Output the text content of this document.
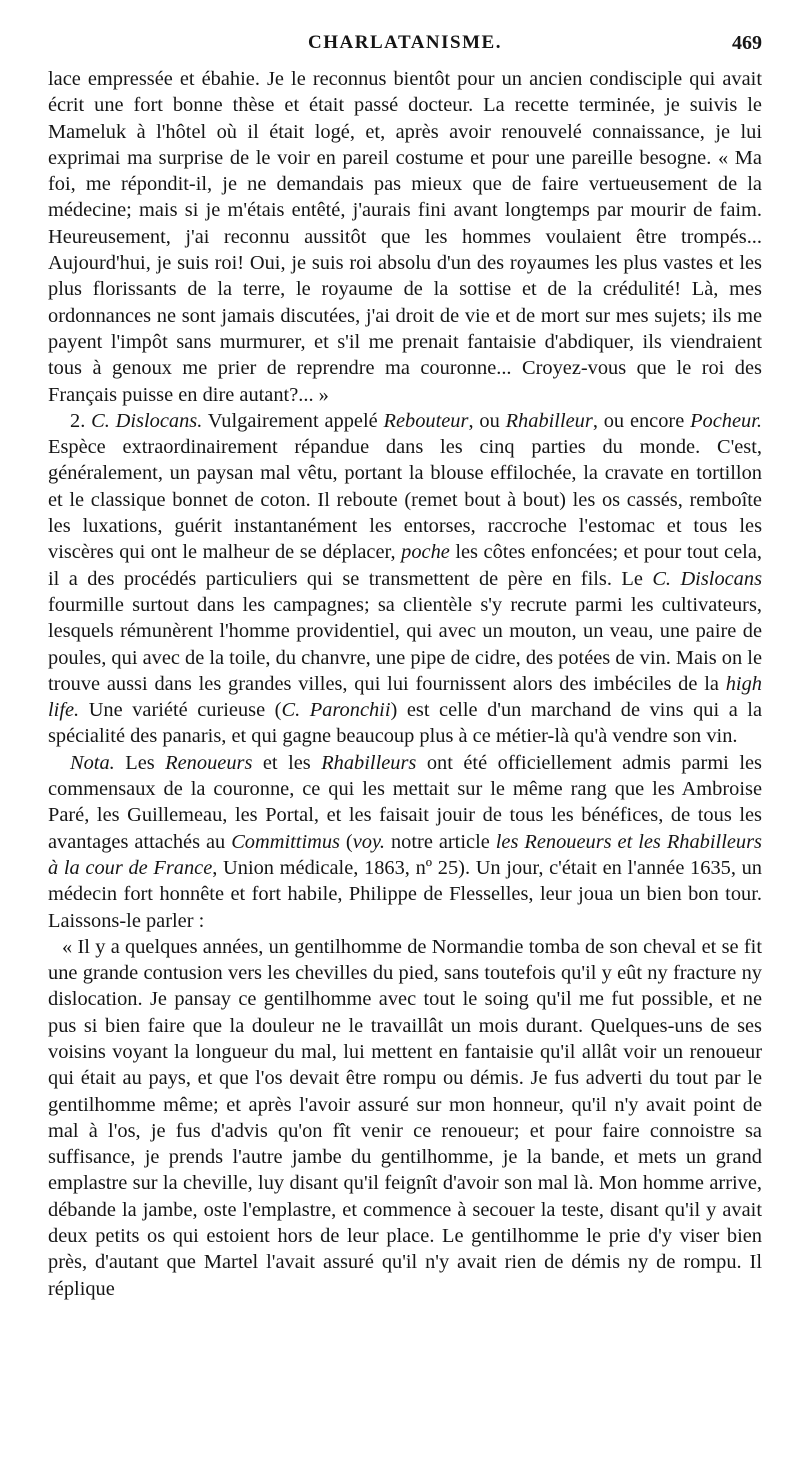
CHARLATANISME.	469

lace empressée et ébahie. Je le reconnus bientôt pour un ancien condisciple qui avait écrit une fort bonne thèse et était passé docteur. La recette terminée, je suivis le Mameluk à l'hôtel où il était logé, et, après avoir renouvelé connaissance, je lui exprimai ma surprise de le voir en pareil costume et pour une pareille besogne. « Ma foi, me répondit-il, je ne demandais pas mieux que de faire vertueusement de la médecine; mais si je m'étais entêté, j'aurais fini avant longtemps par mourir de faim. Heureusement, j'ai reconnu aussitôt que les hommes voulaient être trompés... Aujourd'hui, je suis roi! Oui, je suis roi absolu d'un des royaumes les plus vastes et les plus florissants de la terre, le royaume de la sottise et de la crédulité! Là, mes ordonnances ne sont jamais discutées, j'ai droit de vie et de mort sur mes sujets; ils me payent l'impôt sans murmurer, et s'il me prenait fantaisie d'abdiquer, ils viendraient tous à genoux me prier de reprendre ma couronne... Croyez-vous que le roi des Français puisse en dire autant?... »

2. C. Dislocans. Vulgairement appelé Rebouteur, ou Rhabilleur, ou encore Pocheur. Espèce extraordinairement répandue dans les cinq parties du monde. C'est, généralement, un paysan mal vêtu, portant la blouse effilochée, la cravate en tortillon et le classique bonnet de coton. Il reboute (remet bout à bout) les os cassés, remboîte les luxations, guérit instantanément les entorses, raccroche l'estomac et tous les viscères qui ont le malheur de se déplacer, poche les côtes enfoncées; et pour tout cela, il a des procédés particuliers qui se transmettent de père en fils. Le C. Dislocans fourmille surtout dans les campagnes; sa clientèle s'y recrute parmi les cultivateurs, lesquels rémunèrent l'homme providentiel, qui avec un mouton, un veau, une paire de poules, qui avec de la toile, du chanvre, une pipe de cidre, des potées de vin. Mais on le trouve aussi dans les grandes villes, qui lui fournissent alors des imbéciles de la high life. Une variété curieuse (C. Paronchii) est celle d'un marchand de vins qui a la spécialité des panaris, et qui gagne beaucoup plus à ce métier-là qu'à vendre son vin.

Nota. Les Renoueurs et les Rhabilleurs ont été officiellement admis parmi les commensaux de la couronne, ce qui les mettait sur le même rang que les Ambroise Paré, les Guillemeau, les Portal, et les faisait jouir de tous les bénéfices, de tous les avantages attachés au Committimus (voy. notre article les Renoueurs et les Rhabilleurs à la cour de France, Union médicale, 1863, nº 25). Un jour, c'était en l'année 1635, un médecin fort honnête et fort habile, Philippe de Flesselles, leur joua un bien bon tour. Laissons-le parler :

« Il y a quelques années, un gentilhomme de Normandie tomba de son cheval et se fit une grande contusion vers les chevilles du pied, sans toutefois qu'il y eût ny fracture ny dislocation. Je pansay ce gentilhomme avec tout le soing qu'il me fut possible, et ne pus si bien faire que la douleur ne le travaillât un mois durant. Quelques-uns de ses voisins voyant la longueur du mal, lui mettent en fantaisie qu'il allât voir un renoueur qui était au pays, et que l'os devait être rompu ou démis. Je fus adverti du tout par le gentilhomme même; et après l'avoir assuré sur mon honneur, qu'il n'y avait point de mal à l'os, je fus d'advis qu'on fît venir ce renoueur; et pour faire connoistre sa suffisance, je prends l'autre jambe du gentilhomme, je la bande, et mets un grand emplastre sur la cheville, luy disant qu'il feignît d'avoir son mal là. Mon homme arrive, débande la jambe, oste l'emplastre, et commence à secouer la teste, disant qu'il y avait deux petits os qui estoient hors de leur place. Le gentilhomme le prie d'y viser bien près, d'autant que Martel l'avait assuré qu'il n'y avait rien de démis ny de rompu. Il réplique
